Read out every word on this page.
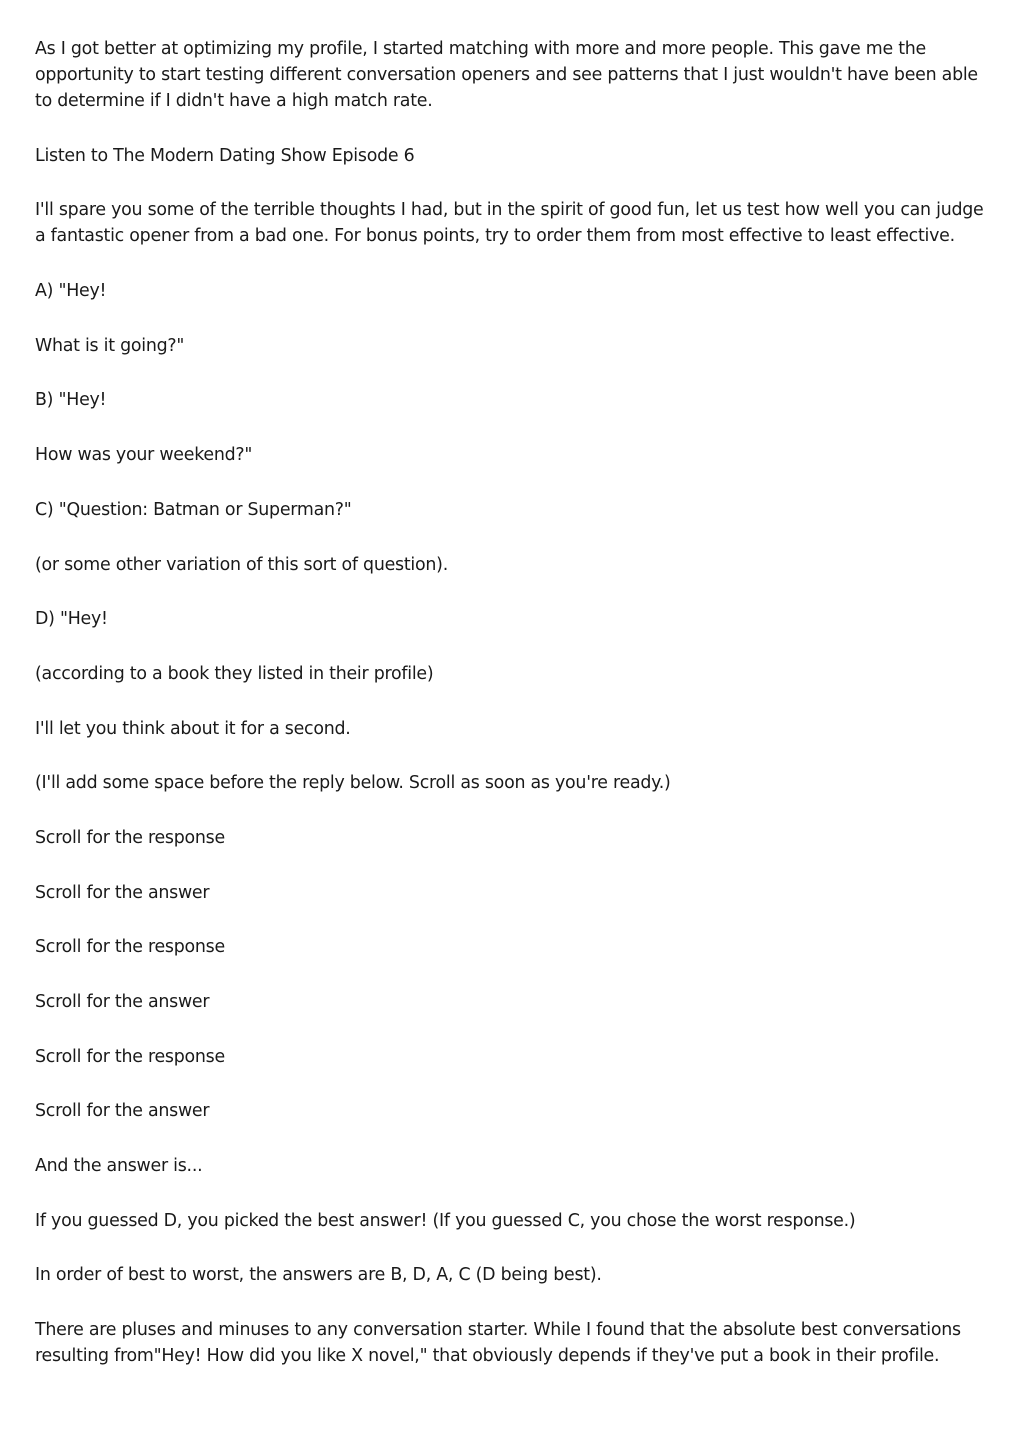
As I got better at optimizing my profile, I started matching with more and more people. This gave me the opportunity to start testing different conversation openers and see patterns that I just wouldn't have been able to determine if I didn't have a high match rate.

Listen to The Modern Dating Show Episode 6

I'll spare you some of the terrible thoughts I had, but in the spirit of good fun, let us test how well you can judge a fantastic opener from a bad one. For bonus points, try to order them from most effective to least effective.

A) "Hey!

What is it going?"

B) "Hey!

How was your weekend?"

C) "Question: Batman or Superman?"

(or some other variation of this sort of question).

D) "Hey!

(according to a book they listed in their profile)

I'll let you think about it for a second.

(I'll add some space before the reply below. Scroll as soon as you're ready.)

Scroll for the response

Scroll for the answer

Scroll for the response

Scroll for the answer

Scroll for the response

Scroll for the answer

And the answer is...

If you guessed D, you picked the best answer! (If you guessed C, you chose the worst response.)

In order of best to worst, the answers are B, D, A, C (D being best).

There are pluses and minuses to any conversation starter. While I found that the absolute best conversations resulting from"Hey! How did you like X novel," that obviously depends if they've put a book in their profile.
